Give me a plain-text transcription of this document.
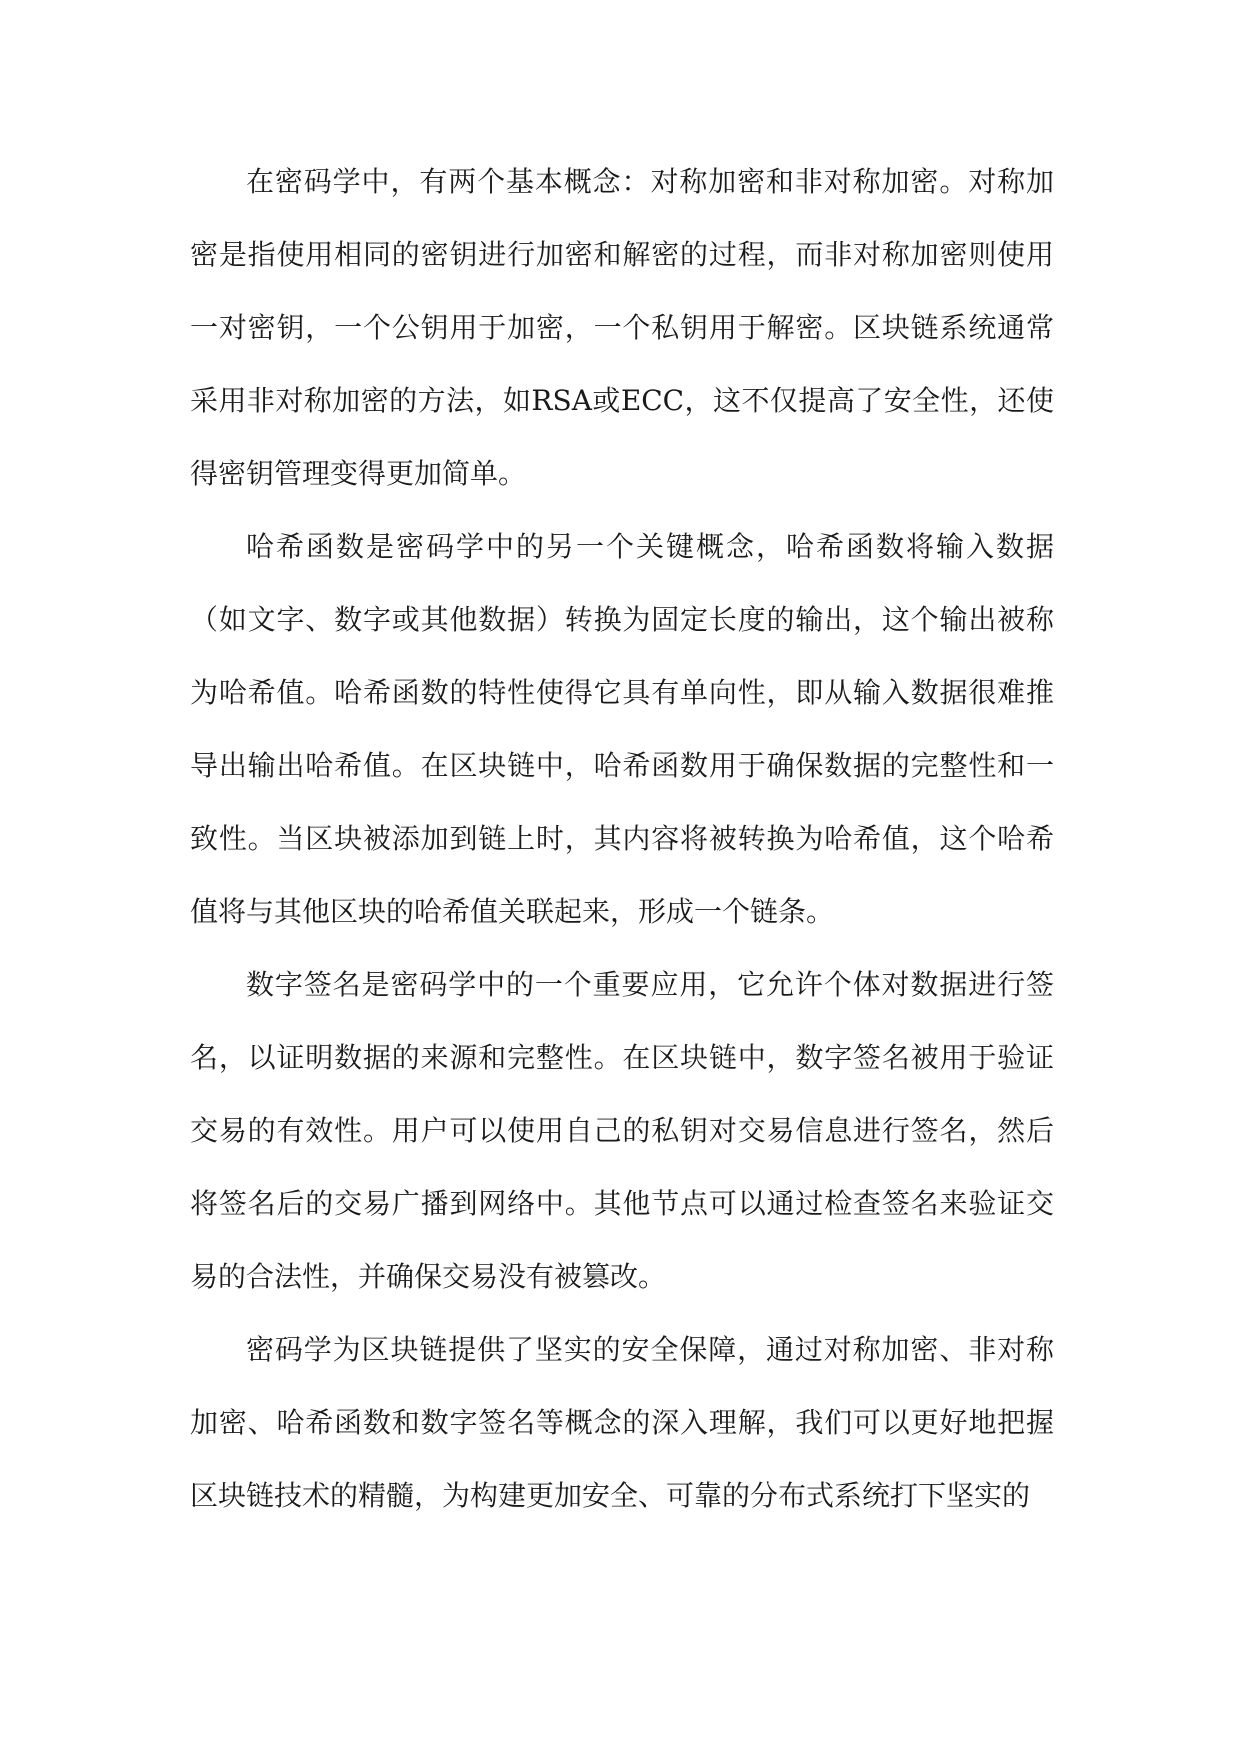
在密码学中，有两个基本概念：对称加密和非对称加密。对称加密是指使用相同的密钥进行加密和解密的过程，而非对称加密则使用一对密钥，一个公钥用于加密，一个私钥用于解密。区块链系统通常采用非对称加密的方法，如RSA或ECC，这不仅提高了安全性，还使得密钥管理变得更加简单。

哈希函数是密码学中的另一个关键概念，哈希函数将输入数据（如文字、数字或其他数据）转换为固定长度的输出，这个输出被称为哈希值。哈希函数的特性使得它具有单向性，即从输入数据很难推导出输出哈希值。在区块链中，哈希函数用于确保数据的完整性和一致性。当区块被添加到链上时，其内容将被转换为哈希值，这个哈希值将与其他区块的哈希值关联起来，形成一个链条。

数字签名是密码学中的一个重要应用，它允许个体对数据进行签名，以证明数据的来源和完整性。在区块链中，数字签名被用于验证交易的有效性。用户可以使用自己的私钥对交易信息进行签名，然后将签名后的交易广播到网络中。其他节点可以通过检查签名来验证交易的合法性，并确保交易没有被篡改。

密码学为区块链提供了坚实的安全保障，通过对称加密、非对称加密、哈希函数和数字签名等概念的深入理解，我们可以更好地把握区块链技术的精髓，为构建更加安全、可靠的分布式系统打下坚实的
